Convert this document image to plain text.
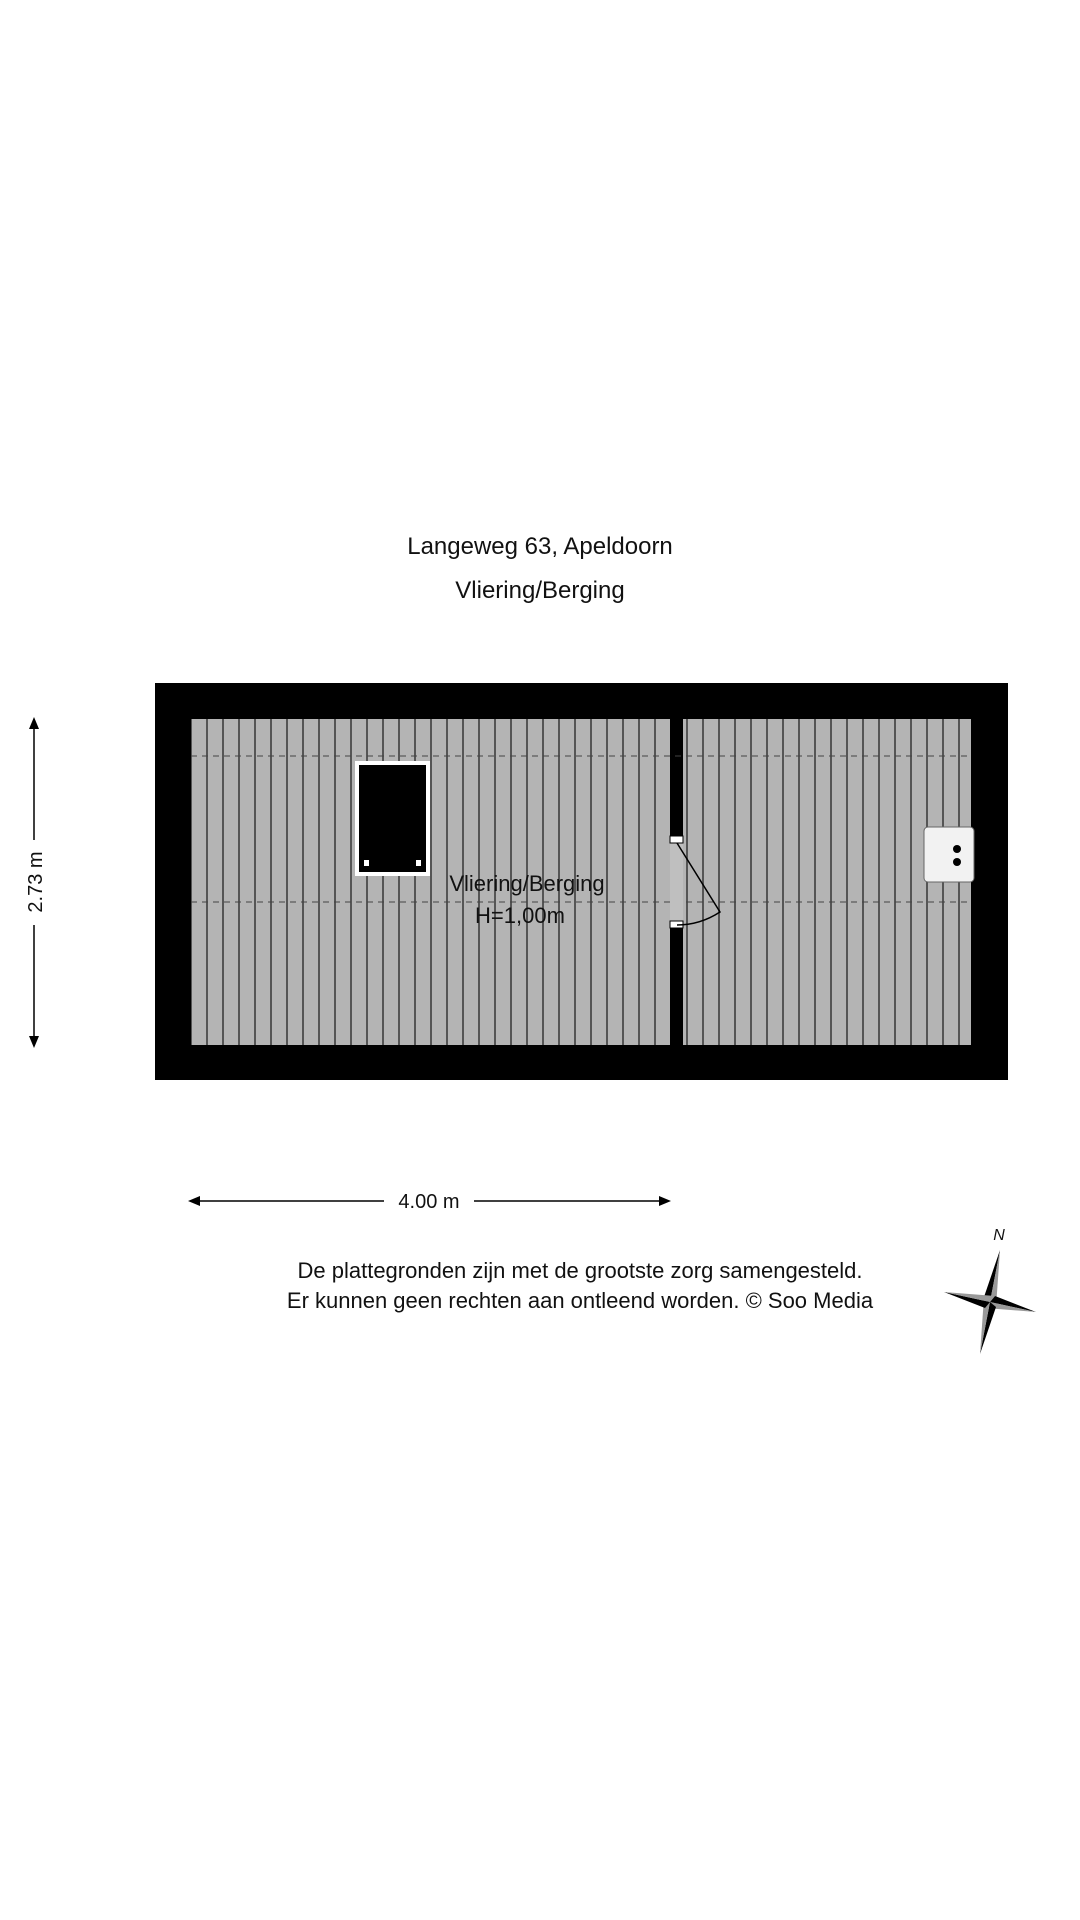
Langeweg 63, Apeldoorn
Vliering/Berging
Vliering/Berging
H=1,00m
2.73 m
4.00 m
N
De plattegronden zijn met de grootste zorg samengesteld.
Er kunnen geen rechten aan ontleend worden. © Soo Media
